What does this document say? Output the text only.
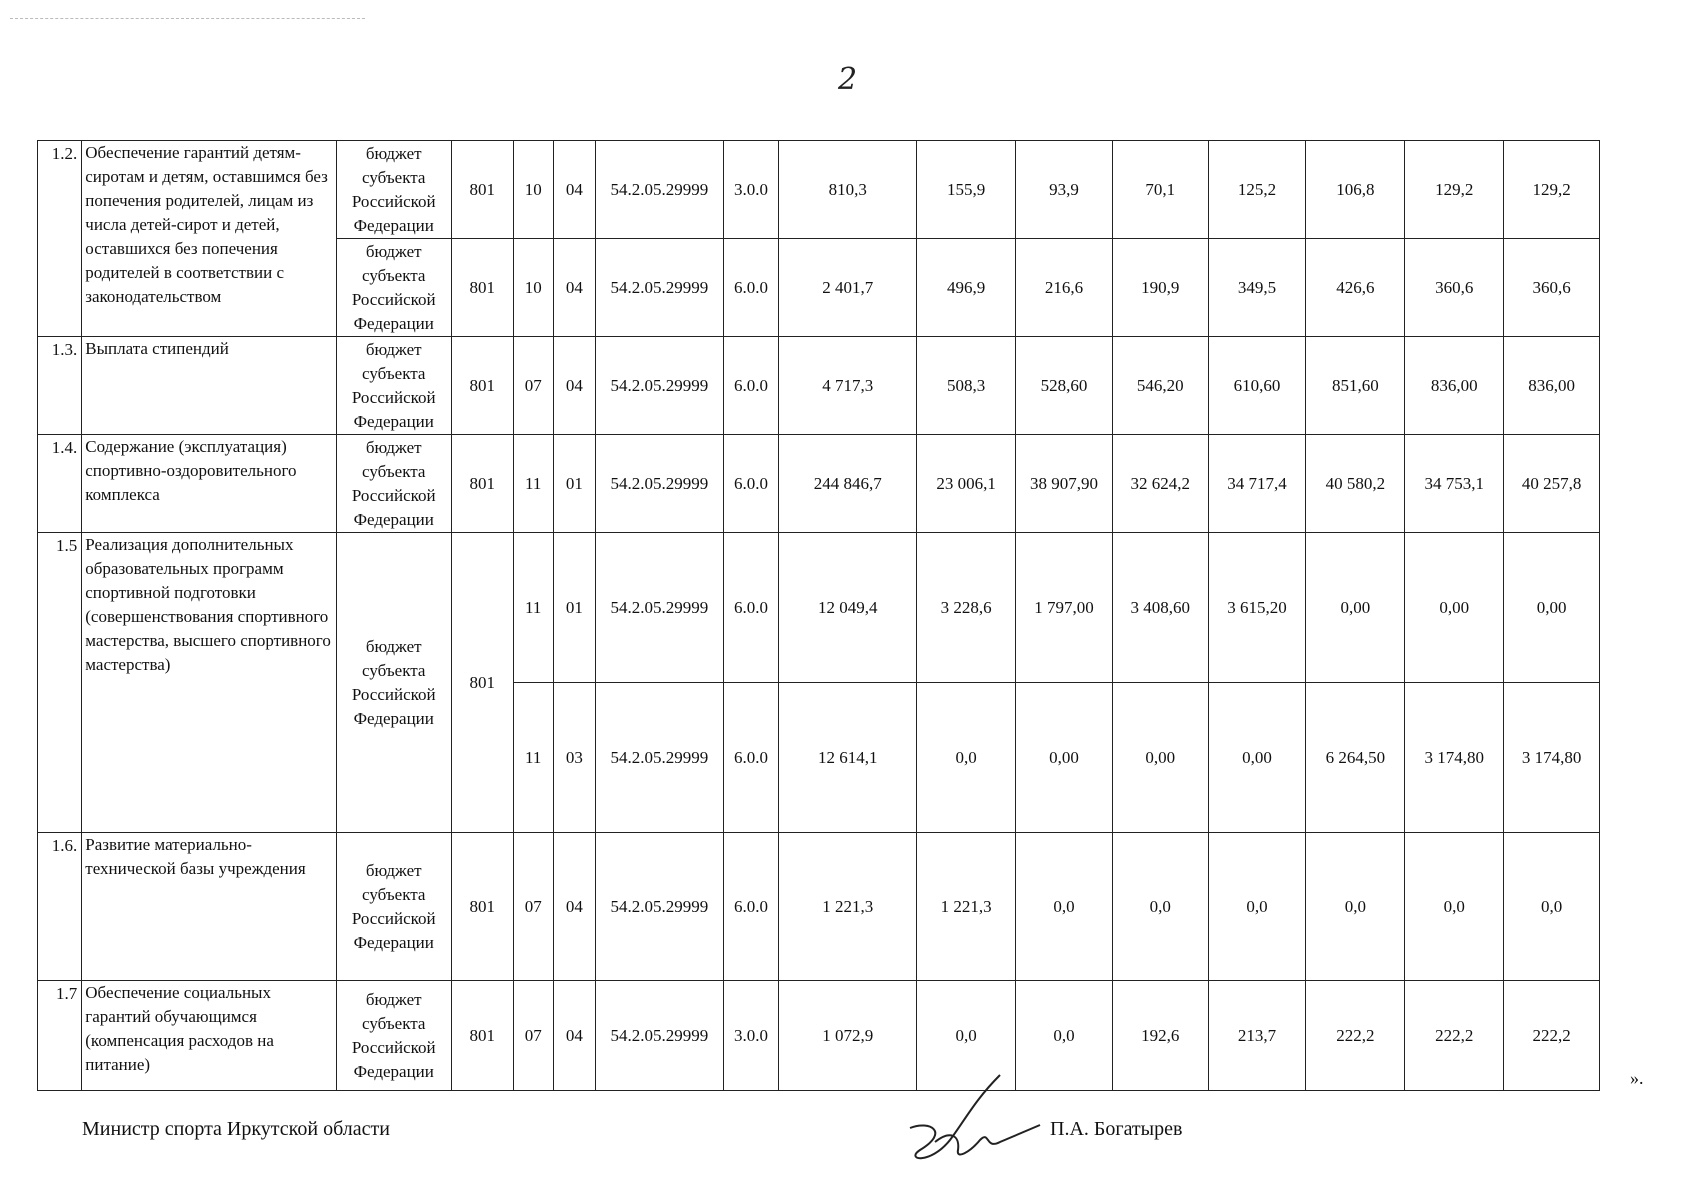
2
1.2.	Обеспечение гарантий детям-сиротам и детям, оставшимся без попечения родителей, лицам из числа детей-сирот и детей, оставшихся без попечения родителей в соответствии с законодательством	бюджет субъекта Российской Федерации	801	10	04	54.2.05.29999	3.0.0	810,3	155,9	93,9	70,1	125,2	106,8	129,2	129,2
		бюджет субъекта Российской Федерации	801	10	04	54.2.05.29999	6.0.0	2 401,7	496,9	216,6	190,9	349,5	426,6	360,6	360,6
1.3.	Выплата стипендий	бюджет субъекта Российской Федерации	801	07	04	54.2.05.29999	6.0.0	4 717,3	508,3	528,60	546,20	610,60	851,60	836,00	836,00
1.4.	Содержание (эксплуатация) спортивно-оздоровительного комплекса	бюджет субъекта Российской Федерации	801	11	01	54.2.05.29999	6.0.0	244 846,7	23 006,1	38 907,90	32 624,2	34 717,4	40 580,2	34 753,1	40 257,8
1.5	Реализация дополнительных образовательных программ спортивной подготовки (совершенствования спортивного мастерства, высшего спортивного мастерства)	бюджет субъекта Российской Федерации	801	11	01	54.2.05.29999	6.0.0	12 049,4	3 228,6	1 797,00	3 408,60	3 615,20	0,00	0,00	0,00
				11	03	54.2.05.29999	6.0.0	12 614,1	0,0	0,00	0,00	0,00	6 264,50	3 174,80	3 174,80
1.6.	Развитие материально-технической базы учреждения	бюджет субъекта Российской Федерации	801	07	04	54.2.05.29999	6.0.0	1 221,3	1 221,3	0,0	0,0	0,0	0,0	0,0	0,0
1.7	Обеспечение социальных гарантий обучающимся (компенсация расходов на питание)	бюджет субъекта Российской Федерации	801	07	04	54.2.05.29999	3.0.0	1 072,9	0,0	0,0	192,6	213,7	222,2	222,2	222,2
».
Министр спорта Иркутской области	П.А. Богатырев
